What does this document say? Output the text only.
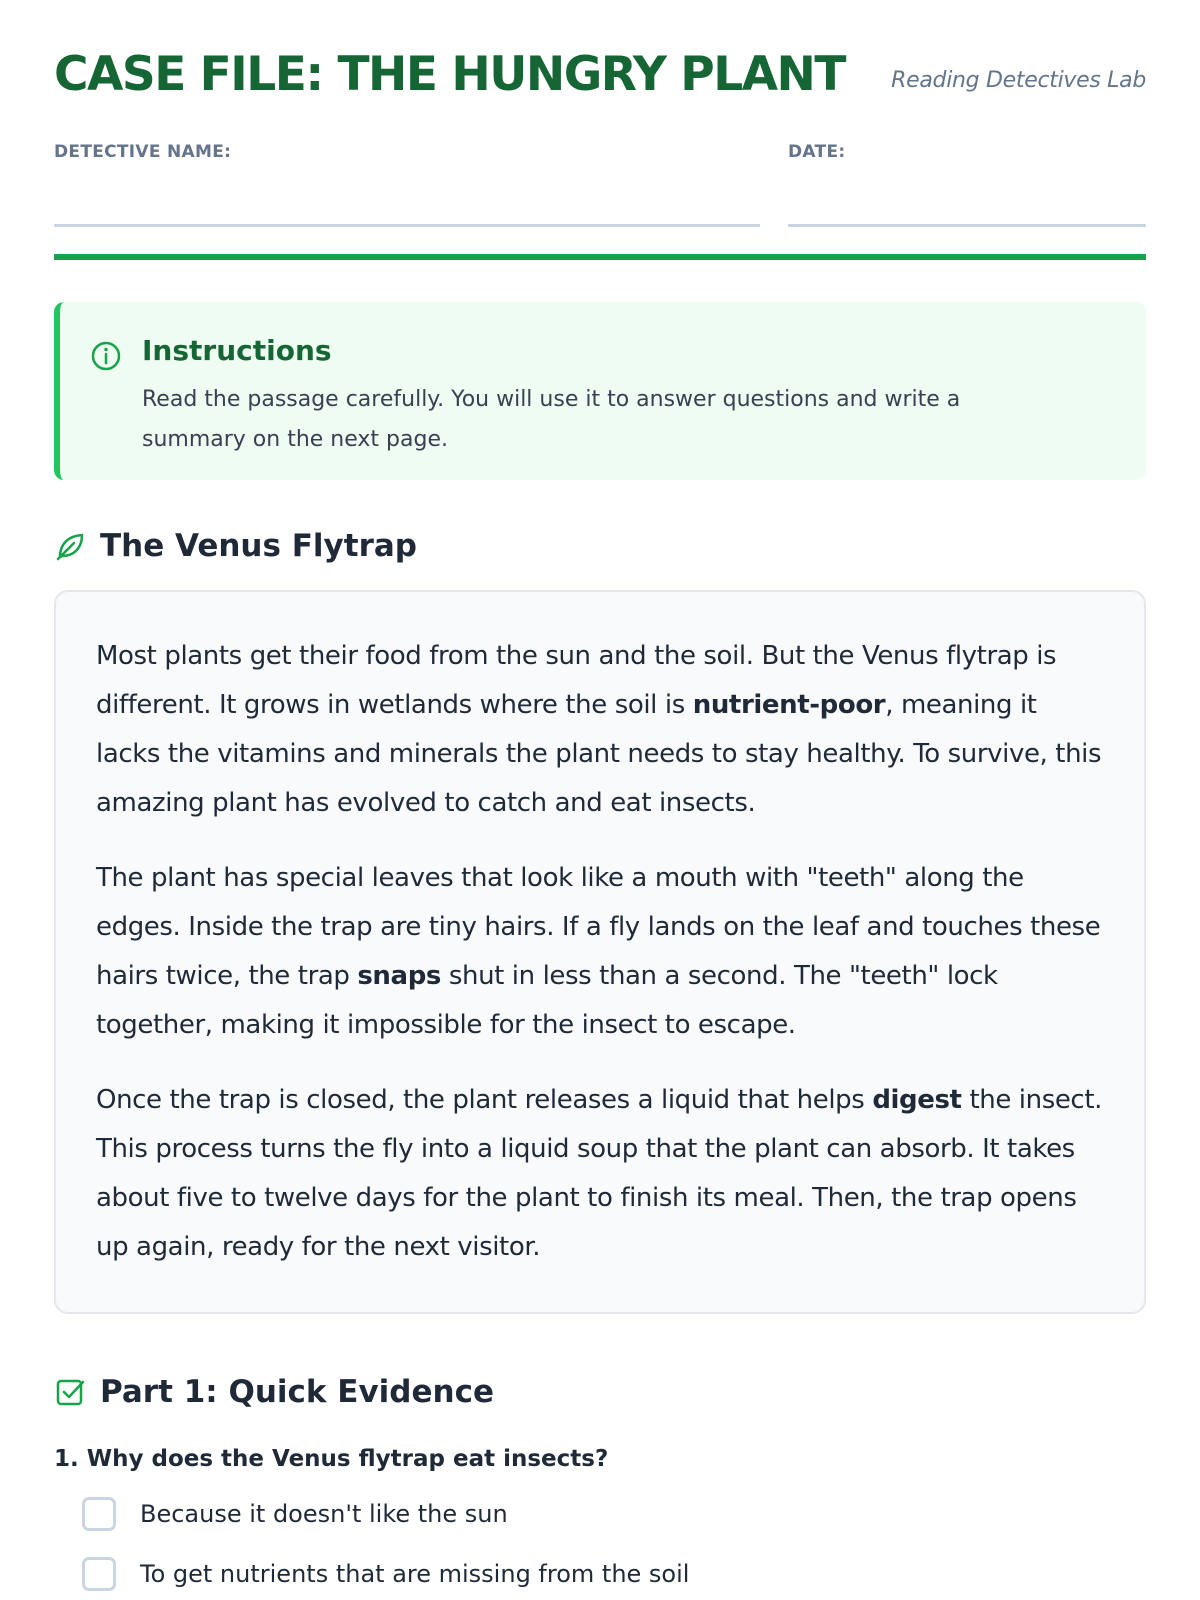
CASE FILE: THE HUNGRY PLANT Reading Detectives Lab
DETECTIVE NAME:	DATE:
Instructions
Read the passage carefully. You will use it to answer questions and write a summary on the next page.
The Venus Flytrap

Most plants get their food from the sun and the soil. But the Venus flytrap is different. It grows in wetlands where the soil is nutrient-poor, meaning it lacks the vitamins and minerals the plant needs to stay healthy. To survive, this amazing plant has evolved to catch and eat insects.

The plant has special leaves that look like a mouth with "teeth" along the edges. Inside the trap are tiny hairs. If a fly lands on the leaf and touches these hairs twice, the trap snaps shut in less than a second. The "teeth" lock together, making it impossible for the insect to escape.

Once the trap is closed, the plant releases a liquid that helps digest the insect. This process turns the fly into a liquid soup that the plant can absorb. It takes about five to twelve days for the plant to finish its meal. Then, the trap opens up again, ready for the next visitor.

Part 1: Quick Evidence
1. Why does the Venus flytrap eat insects?
Because it doesn't like the sun
To get nutrients that are missing from the soil
